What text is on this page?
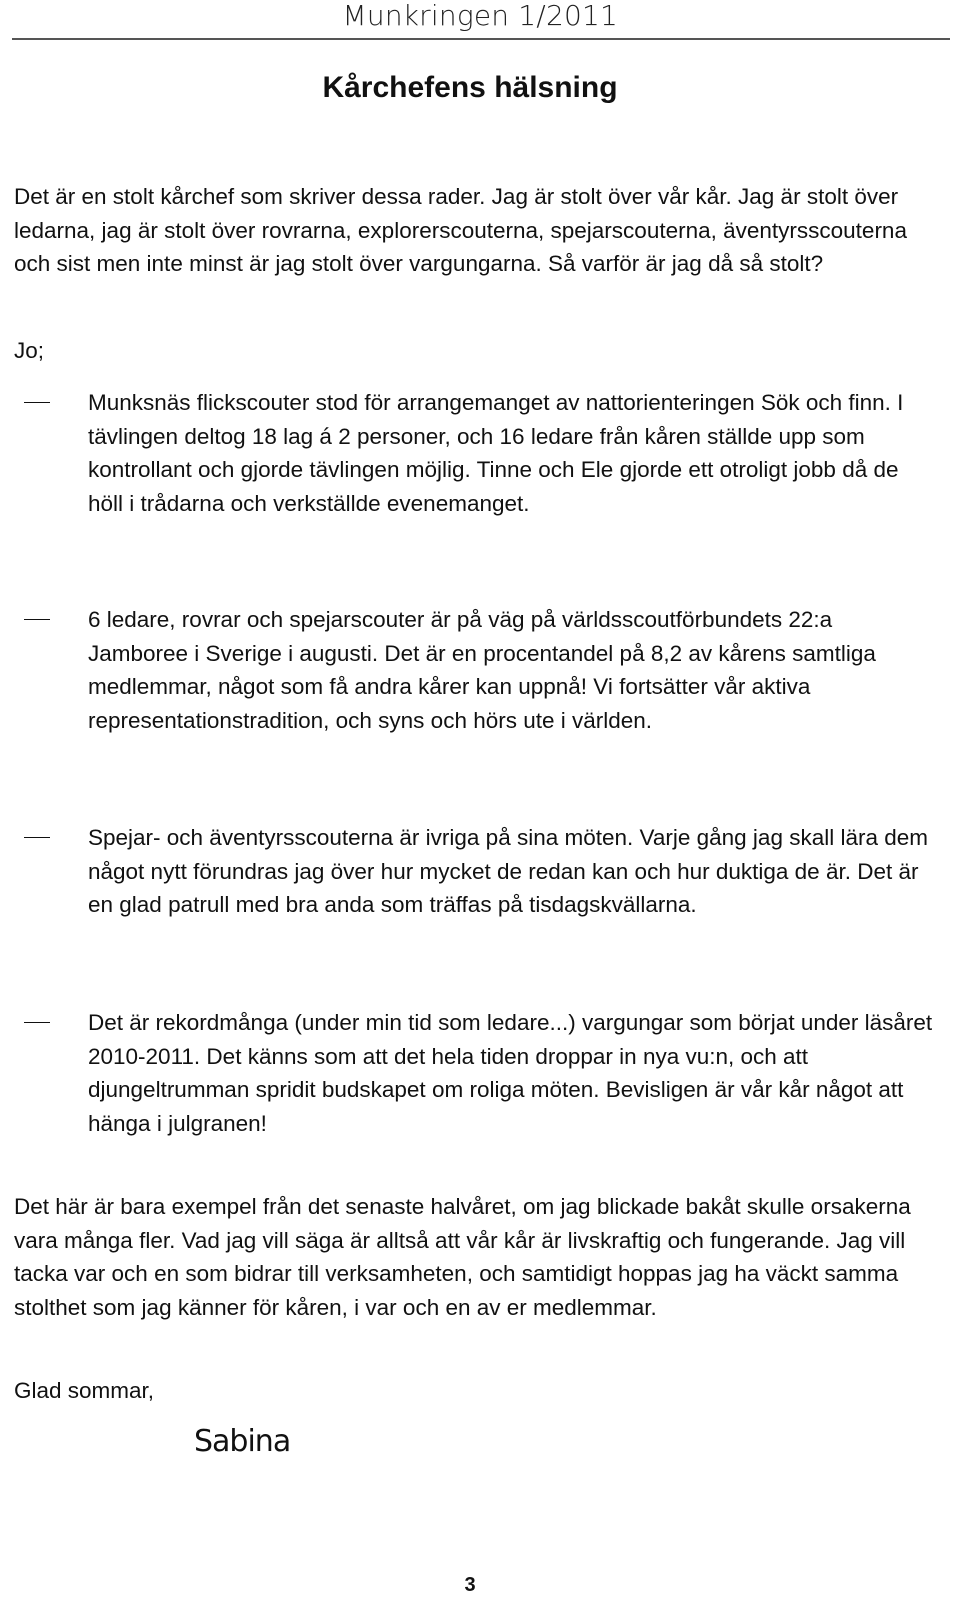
Munkringen 1/2011
Kårchefens hälsning

Det är en stolt kårchef som skriver dessa rader. Jag är stolt över vår kår. Jag är stolt över ledarna, jag är stolt över rovrarna, explorerscouterna, spejarscouterna, äventyrsscouterna och sist men inte minst är jag stolt över vargungarna. Så varför är jag då så stolt?

Jo;

Munksnäs flickscouter stod för arrangemanget av nattorienteringen Sök och finn. I tävlingen deltog 18 lag á 2 personer, och 16 ledare från kåren ställde upp som kontrollant och gjorde tävlingen möjlig. Tinne och Ele gjorde ett otroligt jobb då de höll i trådarna och verkställde evenemanget.
6 ledare, rovrar och spejarscouter är på väg på världsscoutförbundets 22:a Jamboree i Sverige i augusti. Det är en procentandel på 8,2 av kårens samtliga medlemmar, något som få andra kårer kan uppnå! Vi fortsätter vår aktiva representationstradition, och syns och hörs ute i världen.
Spejar- och äventyrsscouterna är ivriga på sina möten. Varje gång jag skall lära dem något nytt förundras jag över hur mycket de redan kan och hur duktiga de är. Det är en glad patrull med bra anda som träffas på tisdagskvällarna.
Det är rekordmånga (under min tid som ledare...) vargungar som börjat under läsåret 2010-2011. Det känns som att det hela tiden droppar in nya vu:n, och att djungeltrumman spridit budskapet om roliga möten. Bevisligen är vår kår något att hänga i julgranen!

Det här är bara exempel från det senaste halvåret, om jag blickade bakåt skulle orsakerna vara många fler. Vad jag vill säga är alltså att vår kår är livskraftig och fungerande. Jag vill tacka var och en som bidrar till verksamheten, och samtidigt hoppas jag ha väckt samma stolthet som jag känner för kåren, i var och en av er medlemmar.

Glad sommar,

Sabina
3
